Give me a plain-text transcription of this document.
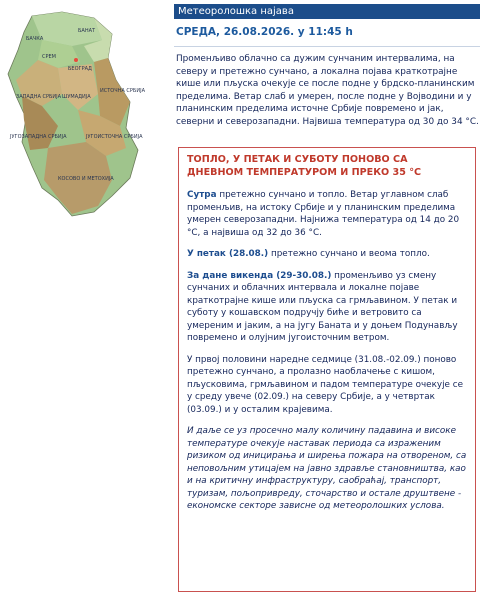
БАЧКА
БАНАТ
СРЕМ
БЕОГРАД
ЗАПАДНА СРБИЈА ШУМАДИЈА
ИСТОЧНА СРБИЈА
ЈУГОЗАПАДНА СРБИЈА	ЈУГОИСТОЧНА СРБИЈА
КОСОВО И МЕТОХИЈА
Метеоролошка најава
СРЕДА, 26.08.2026. у 11:45 h
Променљиво облачно са дужим сунчаним интервалима, на северу и претежно сунчано, а локална појава краткотрајне кише или пљуска очекује се после подне у брдско-планинским пределима. Ветар слаб и умерен, после подне у Војводини и у планинским пределима источне Србије повремено и јак, северни и северозападни. Највиша температура од 30 до 34 °C.
ТОПЛО, У ПЕТАК И СУБОТУ ПОНОВО СА ДНЕВНОМ ТЕМПЕРАТУРОМ И ПРЕКО 35 °C

Сутра претежно сунчано и топло. Ветар углавном слаб променљив, на истоку Србије и у планинским пределима умерен северозападни. Најнижа температура од 14 до 20 °C, а највиша од 32 до 36 °C.

У петак (28.08.) претежно сунчано и веома топло.

За дане викенда (29-30.08.) променљиво уз смену сунчаних и облачних интервала и локалне појаве краткотрајне кише или пљуска са грмљавином. У петак и суботу у кошавском подручју биће и ветровито са умереним и јаким, а на југу Баната и у доњем Подунављу повремено и олујним југоисточним ветром.

У првој половини наредне седмице (31.08.-02.09.) поново претежно сунчано, а пролазно наоблачење с кишом, пљусковима, грмљавином и падом температуре очекује се у среду увече (02.09.) на северу Србије, а у четвртак (03.09.) и у осталим крајевима.

И даље се уз просечно малу количину падавина и високе температуре очекује наставак периода са израженим ризиком од иницирања и ширења пожара на отвореном, са неповољним утицајем на јавно здравље становништва, као и на критичну инфраструктуру, саобраћај, транспорт, туризам, пољопривреду, сточарство и остале друштвене - економске секторе зависне од метеоролошких услова.
